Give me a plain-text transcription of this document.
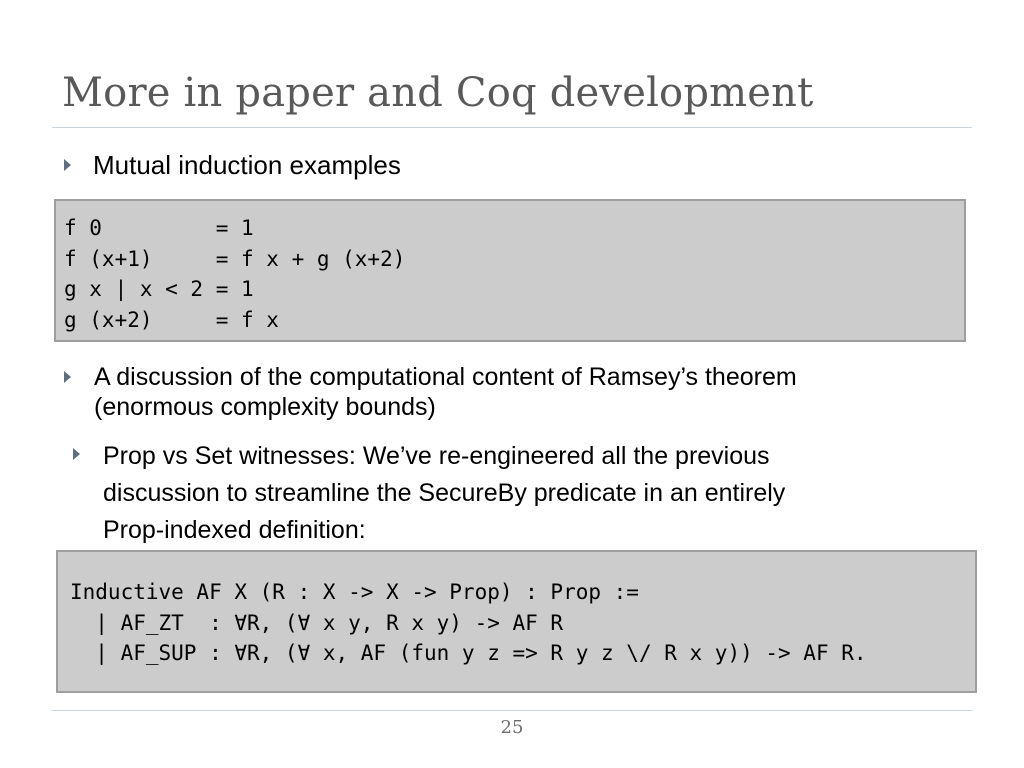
More in paper and Coq development
Mutual induction examples
f 0         = 1
f (x+1)     = f x + g (x+2)
g x | x < 2 = 1
g (x+2)     = f x
A discussion of the computational content of Ramsey’s theorem
(enormous complexity bounds)
Prop vs Set witnesses: We’ve re-engineered all the previous
discussion to streamline the SecureBy predicate in an entirely
Prop-indexed definition:
Inductive AF X (R : X -> X -> Prop) : Prop :=
| AF_ZT  : ∀R, (∀ x y, R x y) -> AF R
| AF_SUP : ∀R, (∀ x, AF (fun y z => R y z \/ R x y)) -> AF R.
25
